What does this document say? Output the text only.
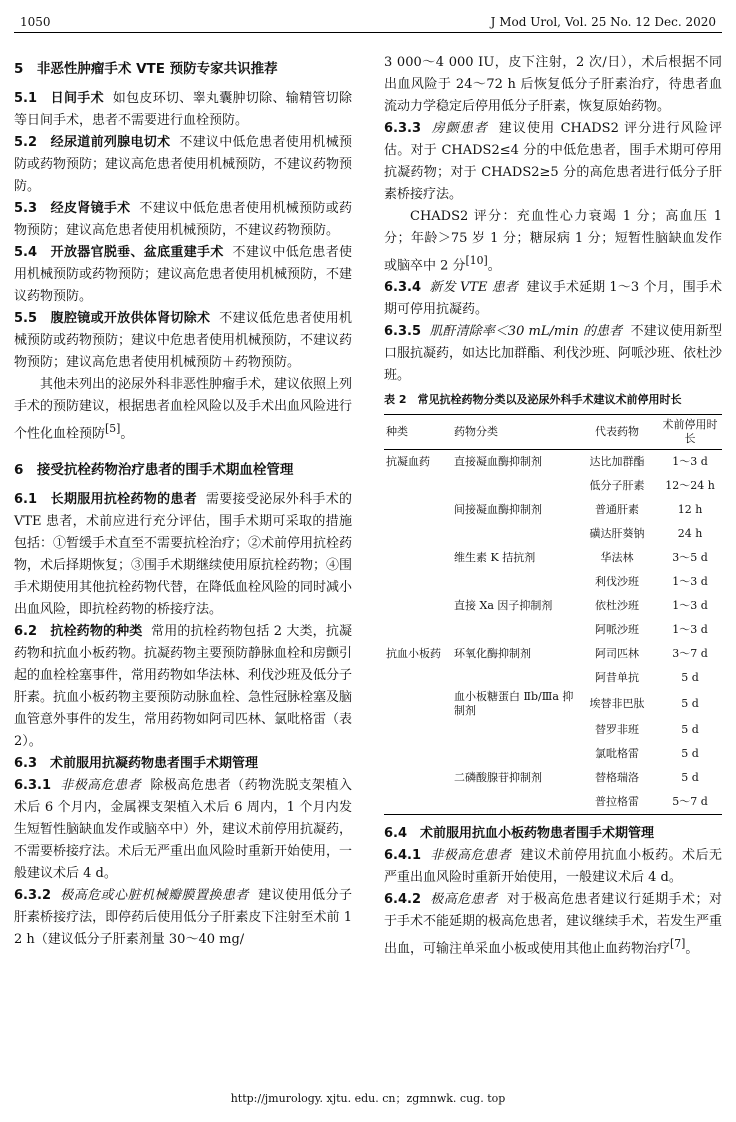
1050	J Mod Urol, Vol. 25 No. 12 Dec. 2020
5　非恶性肿瘤手术 VTE 预防专家共识推荐

5.1　日间手术 如包皮环切、睾丸囊肿切除、输精管切除等日间手术，患者不需要进行血栓预防。

5.2　经尿道前列腺电切术 不建议中低危患者使用机械预防或药物预防；建议高危患者使用机械预防，不建议药物预防。

5.3　经皮肾镜手术 不建议中低危患者使用机械预防或药物预防；建议高危患者使用机械预防，不建议药物预防。

5.4　开放器官脱垂、盆底重建手术 不建议中低危患者使用机械预防或药物预防；建议高危患者使用机械预防，不建议药物预防。

5.5　腹腔镜或开放供体肾切除术 不建议低危患者使用机械预防或药物预防；建议中危患者使用机械预防，不建议药物预防；建议高危患者使用机械预防＋药物预防。

其他未列出的泌尿外科非恶性肿瘤手术，建议依照上列手术的预防建议，根据患者血栓风险以及手术出血风险进行个性化血栓预防[5]。

6　接受抗栓药物治疗患者的围手术期血栓管理

6.1　长期服用抗栓药物的患者 需要接受泌尿外科手术的 VTE 患者，术前应进行充分评估，围手术期可采取的措施包括：①暂缓手术直至不需要抗栓治疗；②术前停用抗栓药物，术后择期恢复；③围手术期继续使用原抗栓药物；④围手术期使用其他抗栓药物代替，在降低血栓风险的同时减小出血风险，即抗栓药物的桥接疗法。

6.2　抗栓药物的种类 常用的抗栓药物包括 2 大类，抗凝药物和抗血小板药物。抗凝药物主要预防静脉血栓和房颤引起的血栓栓塞事件，常用药物如华法林、利伐沙班及低分子肝素。抗血小板药物主要预防动脉血栓、急性冠脉栓塞及脑血管意外事件的发生，常用药物如阿司匹林、氯吡格雷（表 2）。

6.3　术前服用抗凝药物患者围手术期管理

6.3.1 非极高危患者 除极高危患者（药物洗脱支架植入术后 6 个月内，金属裸支架植入术后 6 周内，1 个月内发生短暂性脑缺血发作或脑卒中）外，建议术前停用抗凝药，不需要桥接疗法。术后无严重出血风险时重新开始使用，一般建议术后 4 d。

6.3.2 极高危或心脏机械瓣膜置换患者 建议使用低分子肝素桥接疗法，即停药后使用低分子肝素皮下注射至术前 12 h（建议低分子肝素剂量 30～40 mg/

3 000～4 000 IU，皮下注射，2 次/日），术后根据不同出血风险于 24～72 h 后恢复低分子肝素治疗，待患者血流动力学稳定后停用低分子肝素，恢复原始药物。

6.3.3 房颤患者 建议使用 CHADS2 评分进行风险评估。对于 CHADS2≤4 分的中低危患者，围手术期可停用抗凝药物；对于 CHADS2≥5 分的高危患者进行低分子肝素桥接疗法。

CHADS2 评分：充血性心力衰竭 1 分；高血压 1 分；年龄＞75 岁 1 分；糖尿病 1 分；短暂性脑缺血发作或脑卒中 2 分[10]。

6.3.4 新发 VTE 患者 建议手术延期 1～3 个月，围手术期可停用抗凝药。

6.3.5 肌酐清除率＜30 mL/min 的患者 不建议使用新型口服抗凝药，如达比加群酯、利伐沙班、阿哌沙班、依杜沙班。

表 2　常见抗栓药物分类以及泌尿外科手术建议术前停用时长
种类	药物分类	代表药物	术前停用时长
抗凝血药	直接凝血酶抑制剂	达比加群酯	1～3 d
		低分子肝素	12～24 h
	间接凝血酶抑制剂	普通肝素	12 h
		磺达肝葵钠	24 h
	维生素 K 拮抗剂	华法林	3～5 d
		利伐沙班	1～3 d
	直接 Xa 因子抑制剂	依杜沙班	1～3 d
		阿哌沙班	1～3 d
抗血小板药	环氧化酶抑制剂	阿司匹林	3～7 d
		阿昔单抗	5 d
	血小板糖蛋白 Ⅱb/Ⅲa 抑制剂	埃替非巴肽	5 d
		替罗非班	5 d
		氯吡格雷	5 d
	二磷酸腺苷抑制剂	替格瑞洛	5 d
		普拉格雷	5～7 d

6.4　术前服用抗血小板药物患者围手术期管理

6.4.1 非极高危患者 建议术前停用抗血小板药。术后无严重出血风险时重新开始使用，一般建议术后 4 d。

6.4.2 极高危患者 对于极高危患者建议行延期手术；对于手术不能延期的极高危患者，建议继续手术，若发生严重出血，可输注单采血小板或使用其他止血药物治疗[7]。

http://jmurology. xjtu. edu. cn；zgmnwk. cug. top
